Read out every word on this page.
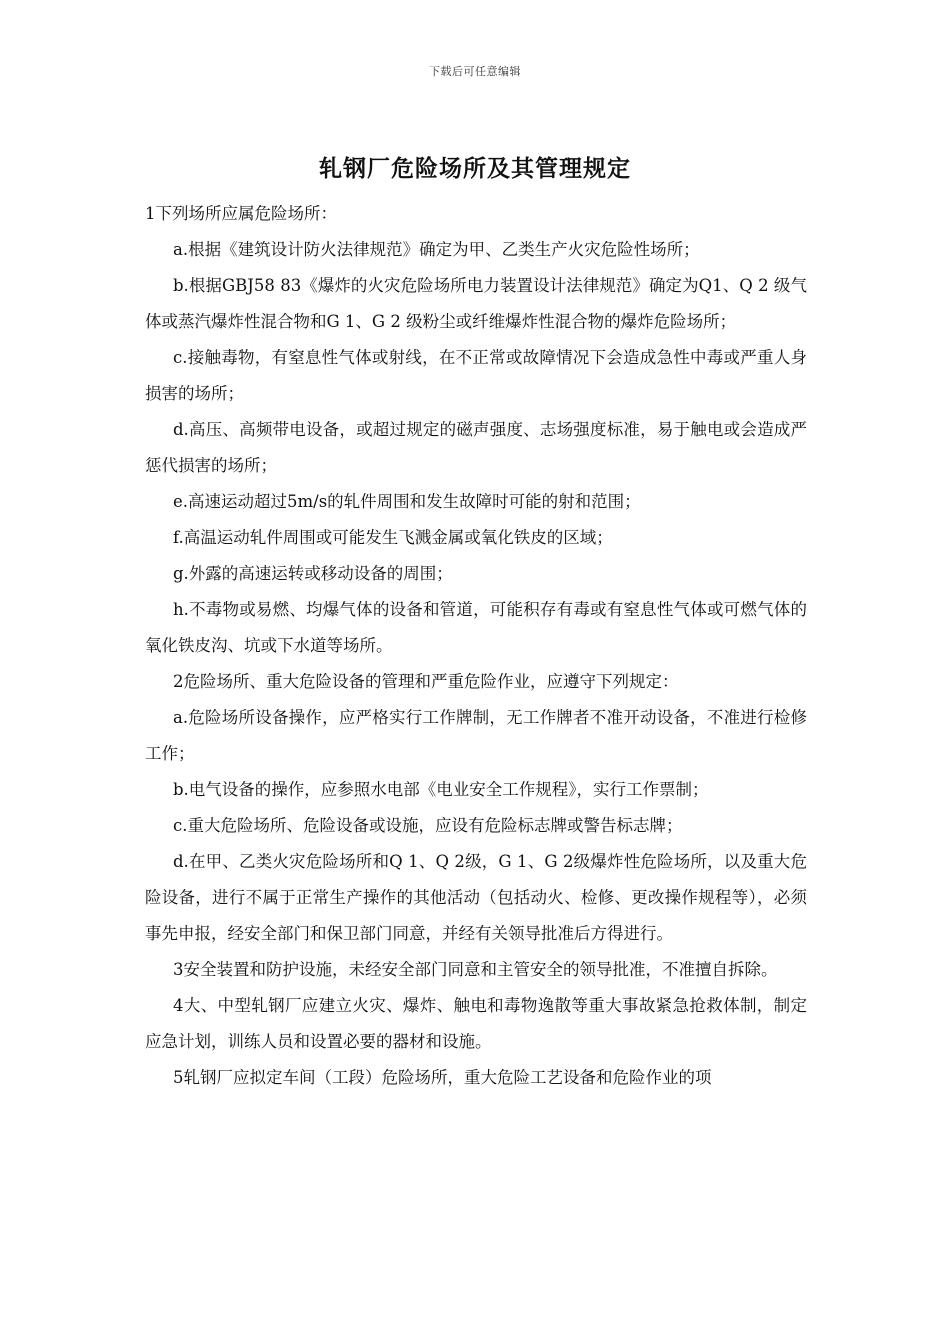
下载后可任意编辑
轧钢厂危险场所及其管理规定

1下列场所应属危险场所：

a.根据《建筑设计防火法律规范》确定为甲、乙类生产火灾危险性场所；

b.根据GBJ58 83《爆炸的火灾危险场所电力装置设计法律规范》确定为Q1、Q 2 级气体或蒸汽爆炸性混合物和G 1、G 2 级粉尘或纤维爆炸性混合物的爆炸危险场所；

c.接触毒物，有窒息性气体或射线，在不正常或故障情况下会造成急性中毒或严重人身损害的场所；

d.高压、高频带电设备，或超过规定的磁声强度、志场强度标准，易于触电或会造成严惩代损害的场所；

e.高速运动超过5m/s的轧件周围和发生故障时可能的射和范围；

f.高温运动轧件周围或可能发生飞溅金属或氧化铁皮的区域；

g.外露的高速运转或移动设备的周围；

h.不毒物或易燃、均爆气体的设备和管道，可能积存有毒或有窒息性气体或可燃气体的氧化铁皮沟、坑或下水道等场所。

2危险场所、重大危险设备的管理和严重危险作业，应遵守下列规定：

a.危险场所设备操作，应严格实行工作牌制，无工作牌者不准开动设备，不准进行检修工作；

b.电气设备的操作，应参照水电部《电业安全工作规程》，实行工作票制；

c.重大危险场所、危险设备或设施，应设有危险标志牌或警告标志牌；

d.在甲、乙类火灾危险场所和Q 1、Q 2级，G 1、G 2级爆炸性危险场所，以及重大危险设备，进行不属于正常生产操作的其他活动（包括动火、检修、更改操作规程等），必须事先申报，经安全部门和保卫部门同意，并经有关领导批准后方得进行。

3安全装置和防护设施，未经安全部门同意和主管安全的领导批准，不准擅自拆除。

4大、中型轧钢厂应建立火灾、爆炸、触电和毒物逸散等重大事故紧急抢救体制，制定应急计划，训练人员和设置必要的器材和设施。

5轧钢厂应拟定车间（工段）危险场所，重大危险工艺设备和危险作业的项
